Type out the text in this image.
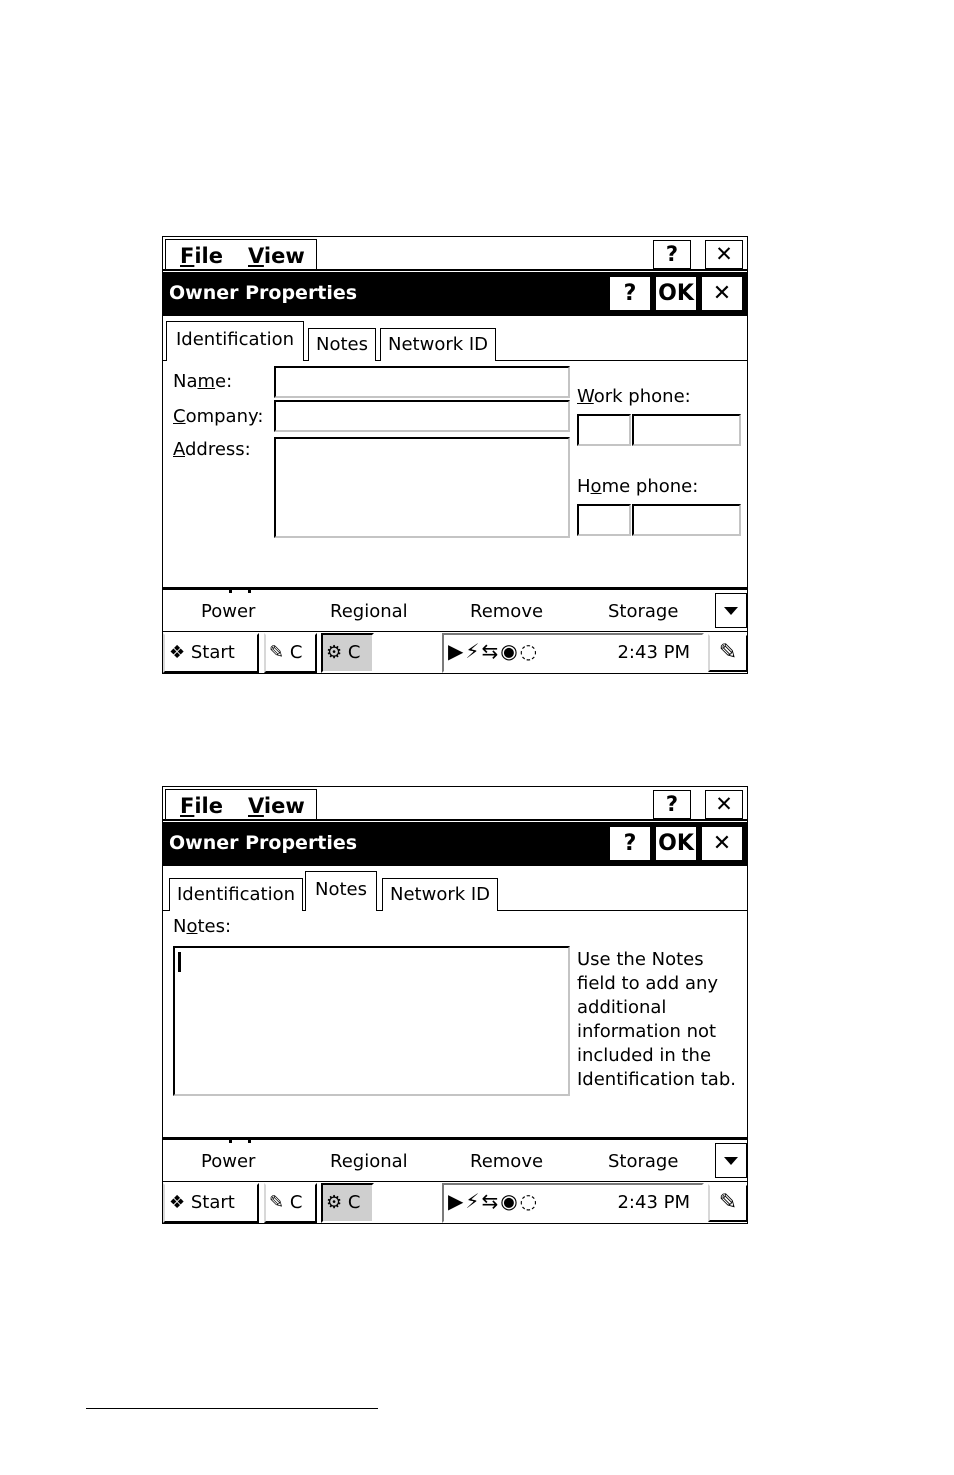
File View	?	✕
Owner Properties	? OK ✕
Identification	Notes	Network ID
Name:
Company:
Address:
Work phone:
Home phone:
Power	Regional	Remove	Storage
❖ Start	✎ C	⚙ C	▶⚡⇆◉◌	2:43 PM	✎
File View	?	✕
Owner Properties	? OK ✕
Identification	Notes	Network ID
Notes:
Use the Notes
field to add any
additional
information not
included in the
Identification tab.
Power	Regional	Remove	Storage
❖ Start	✎ C	⚙ C	▶⚡⇆◉◌	2:43 PM	✎
